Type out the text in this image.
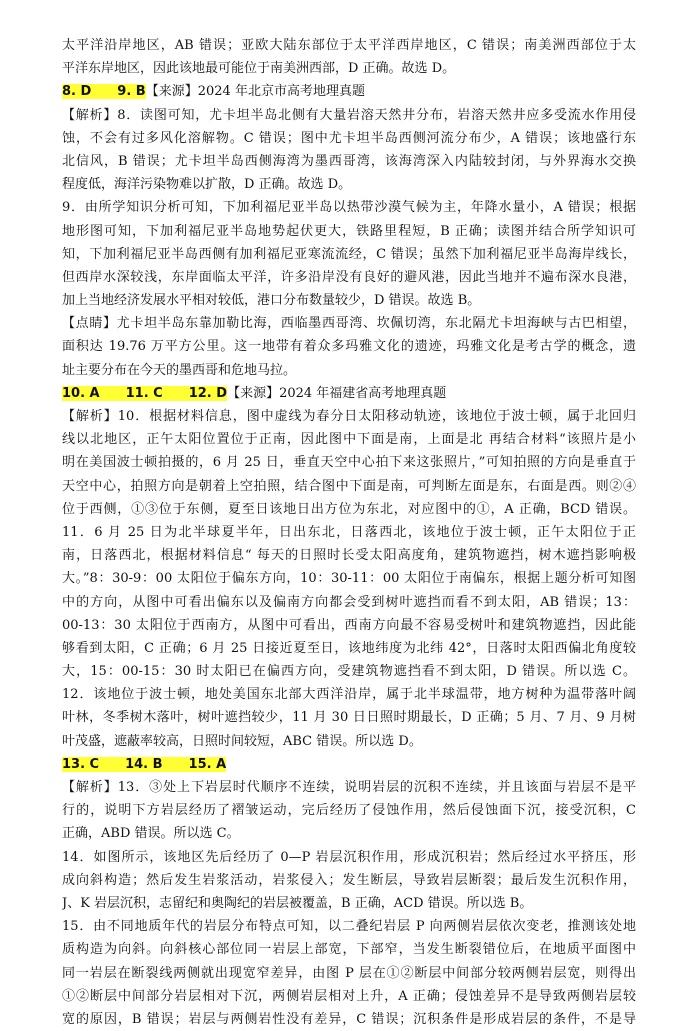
太平洋沿岸地区，AB 错误；亚欧大陆东部位于太平洋西岸地区，C 错误；南美洲西部位于太
平洋东岸地区，因此该地最可能位于南美洲西部，D 正确。故选 D。
8. D　　9. B【来源】2024 年北京市高考地理真题
【解析】8．读图可知，尤卡坦半岛北侧有大量岩溶天然井分布，岩溶天然井应多受流水作用侵
蚀，不会有过多风化溶解物。C 错误；图中尤卡坦半岛西侧河流分布少，A 错误；该地盛行东
北信风，B 错误；尤卡坦半岛西侧海湾为墨西哥湾，该海湾深入内陆较封闭，与外界海水交换
程度低，海洋污染物难以扩散，D 正确。故选 D。
9．由所学知识分析可知，下加利福尼亚半岛以热带沙漠气候为主，年降水量小，A 错误；根据
地形图可知，下加利福尼亚半岛地势起伏更大，铁路里程短，B 正确；读图并结合所学知识可
知，下加利福尼亚半岛西侧有加利福尼亚寒流流经，C 错误；虽然下加利福尼亚半岛海岸线长，
但西岸水深较浅，东岸面临太平洋，许多沿岸没有良好的避风港，因此当地并不遍布深水良港，
加上当地经济发展水平相对较低，港口分布数量较少，D 错误。故选 B。
【点睛】尤卡坦半岛东靠加勒比海，西临墨西哥湾、坎佩切湾，东北隔尤卡坦海峡与古巴相望，
面积达 19.76 万平方公里。这一地带有着众多玛雅文化的遗迹，玛雅文化是考古学的概念，遗
址主要分布在今天的墨西哥和危地马拉。
10. A　　11. C　　12. D【来源】2024 年福建省高考地理真题
【解析】10．根据材料信息，图中虚线为春分日太阳移动轨迹，该地位于波士顿，属于北回归
线以北地区，正午太阳位置位于正南，因此图中下面是南，上面是北 再结合材料“该照片是小
明在美国波士顿拍摄的，6 月 25 日，垂直天空中心拍下来这张照片，”可知拍照的方向是垂直于
天空中心，拍照方向是朝着上空拍照，结合图中下面是南，可判断左面是东，右面是西。则②④
位于西侧，①③位于东侧，夏至日该地日出方位为东北，对应图中的①，A 正确，BCD 错误。
11．6 月 25 日为北半球夏半年，日出东北，日落西北，该地位于波士顿，正午太阳位于正
南，日落西北，根据材料信息“ 每天的日照时长受太阳高度角，建筑物遮挡，树木遮挡影响极
大。”8：30-9：00 太阳位于偏东方向，10：30-11：00 太阳位于南偏东，根据上题分析可知图
中的方向，从图中可看出偏东以及偏南方向都会受到树叶遮挡而看不到太阳，AB 错误；13：
00-13：30 太阳位于西南方，从图中可看出，西南方向最不容易受树叶和建筑物遮挡，因此能
够看到太阳，C 正确；6 月 25 日接近夏至日，该地纬度为北纬 42°，日落时太阳西偏北角度较
大，15：00-15：30 时太阳已在偏西方向，受建筑物遮挡看不到太阳，D 错误。所以选 C。
12．该地位于波士顿，地处美国东北部大西洋沿岸，属于北半球温带，地方树种为温带落叶阔
叶林，冬季树木落叶，树叶遮挡较少，11 月 30 日日照时期最长，D 正确；5 月、7 月、9 月树
叶茂盛，遮蔽率较高，日照时间较短，ABC 错误。所以选 D。
13. C　　14. B　　15. A
【解析】13．③处上下岩层时代顺序不连续，说明岩层的沉积不连续，并且该面与岩层不是平
行的，说明下方岩层经历了褶皱运动，完后经历了侵蚀作用，然后侵蚀面下沉，接受沉积，C
正确，ABD 错误。所以选 C。
14．如图所示，该地区先后经历了 0—P 岩层沉积作用，形成沉积岩；然后经过水平挤压，形
成向斜构造；然后发生岩浆活动，岩浆侵入；发生断层，导致岩层断裂；最后发生沉积作用，
J、K 岩层沉积，志留纪和奥陶纪的岩层被覆盖，B 正确，ACD 错误。所以选 B。
15．由不同地质年代的岩层分布特点可知，以二叠纪岩层 P 向两侧岩层依次变老，推测该处地
质构造为向斜。向斜核心部位同一岩层上部宽，下部窄，当发生断裂错位后，在地质平面图中
同一岩层在断裂线两侧就出现宽窄差异，由图 P 层在①②断层中间部分较两侧岩层宽，则得出
①②断层中间部分岩层相对下沉，两侧岩层相对上升，A 正确；侵蚀差异不是导致两侧岩层较
宽的原因，B 错误；岩层与两侧岩性没有差异，C 错误；沉积条件是形成岩层的条件，不是导
